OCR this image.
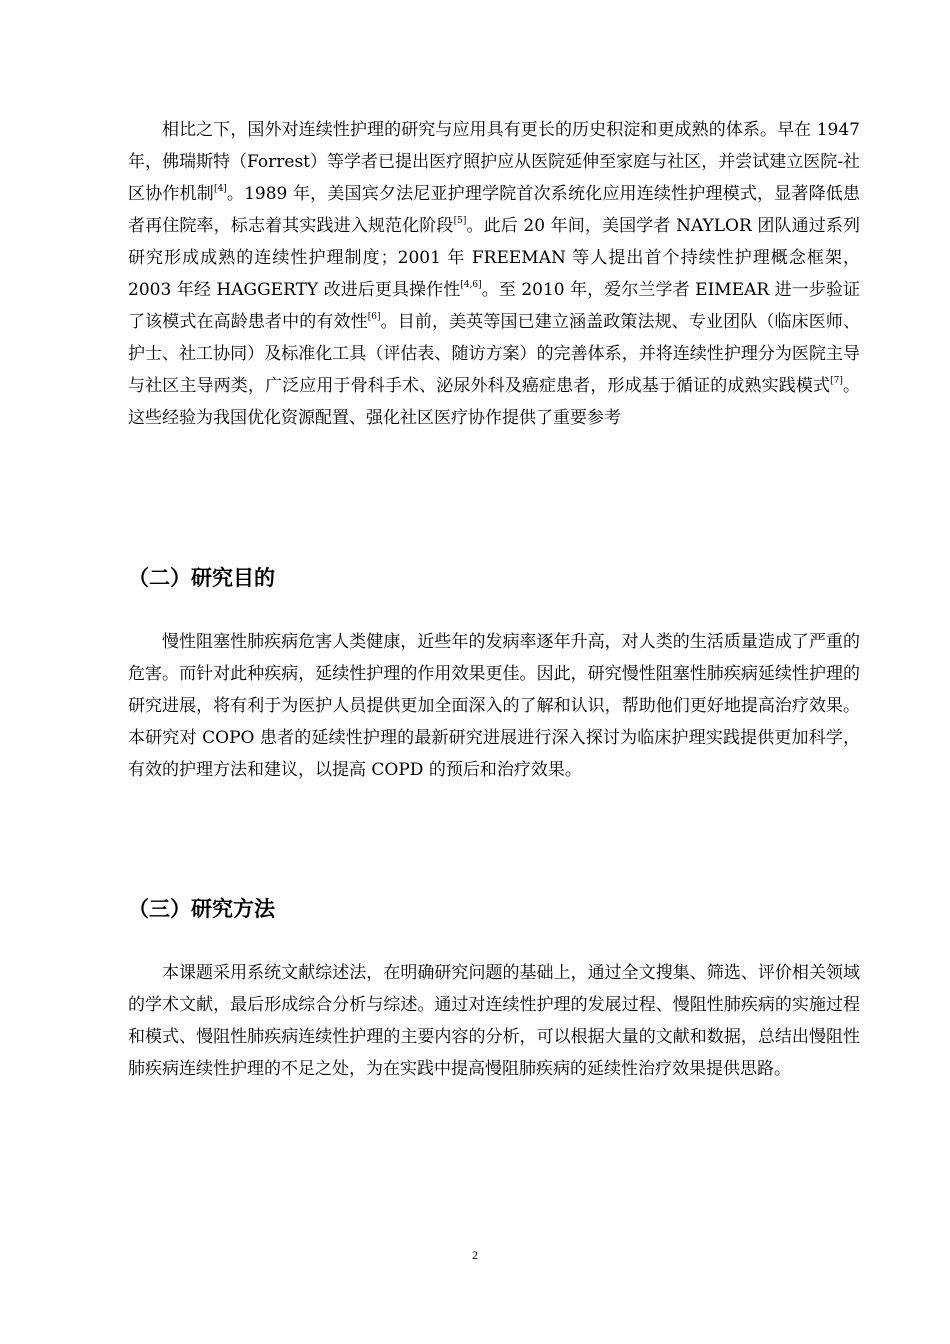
相比之下，国外对连续性护理的研究与应用具有更长的历史积淀和更成熟的体系。早在 1947 年，佛瑞斯特（Forrest）等学者已提出医疗照护应从医院延伸至家庭与社区，并尝试建立医院-社区协作机制[4]。1989 年，美国宾夕法尼亚护理学院首次系统化应用连续性护理模式，显著降低患者再住院率，标志着其实践进入规范化阶段[5]。此后 20 年间，美国学者 NAYLOR 团队通过系列研究形成成熟的连续性护理制度；2001 年 FREEMAN 等人提出首个持续性护理概念框架，2003 年经 HAGGERTY 改进后更具操作性[4,6]。至 2010 年，爱尔兰学者 EIMEAR 进一步验证了该模式在高龄患者中的有效性[6]。目前，美英等国已建立涵盖政策法规、专业团队（临床医师、护士、社工协同）及标准化工具（评估表、随访方案）的完善体系，并将连续性护理分为医院主导与社区主导两类，广泛应用于骨科手术、泌尿外科及癌症患者，形成基于循证的成熟实践模式[7]。这些经验为我国优化资源配置、强化社区医疗协作提供了重要参考

（二）研究目的

慢性阻塞性肺疾病危害人类健康，近些年的发病率逐年升高，对人类的生活质量造成了严重的危害。而针对此种疾病，延续性护理的作用效果更佳。因此，研究慢性阻塞性肺疾病延续性护理的研究进展，将有利于为医护人员提供更加全面深入的了解和认识，帮助他们更好地提高治疗效果。本研究对 COPO 患者的延续性护理的最新研究进展进行深入探讨为临床护理实践提供更加科学，有效的护理方法和建议，以提高 COPD 的预后和治疗效果。

（三）研究方法

本课题采用系统文献综述法，在明确研究问题的基础上，通过全文搜集、筛选、评价相关领域的学术文献，最后形成综合分析与综述。通过对连续性护理的发展过程、慢阻性肺疾病的实施过程和模式、慢阻性肺疾病连续性护理的主要内容的分析，可以根据大量的文献和数据，总结出慢阻性肺疾病连续性护理的不足之处，为在实践中提高慢阻肺疾病的延续性治疗效果提供思路。

2
